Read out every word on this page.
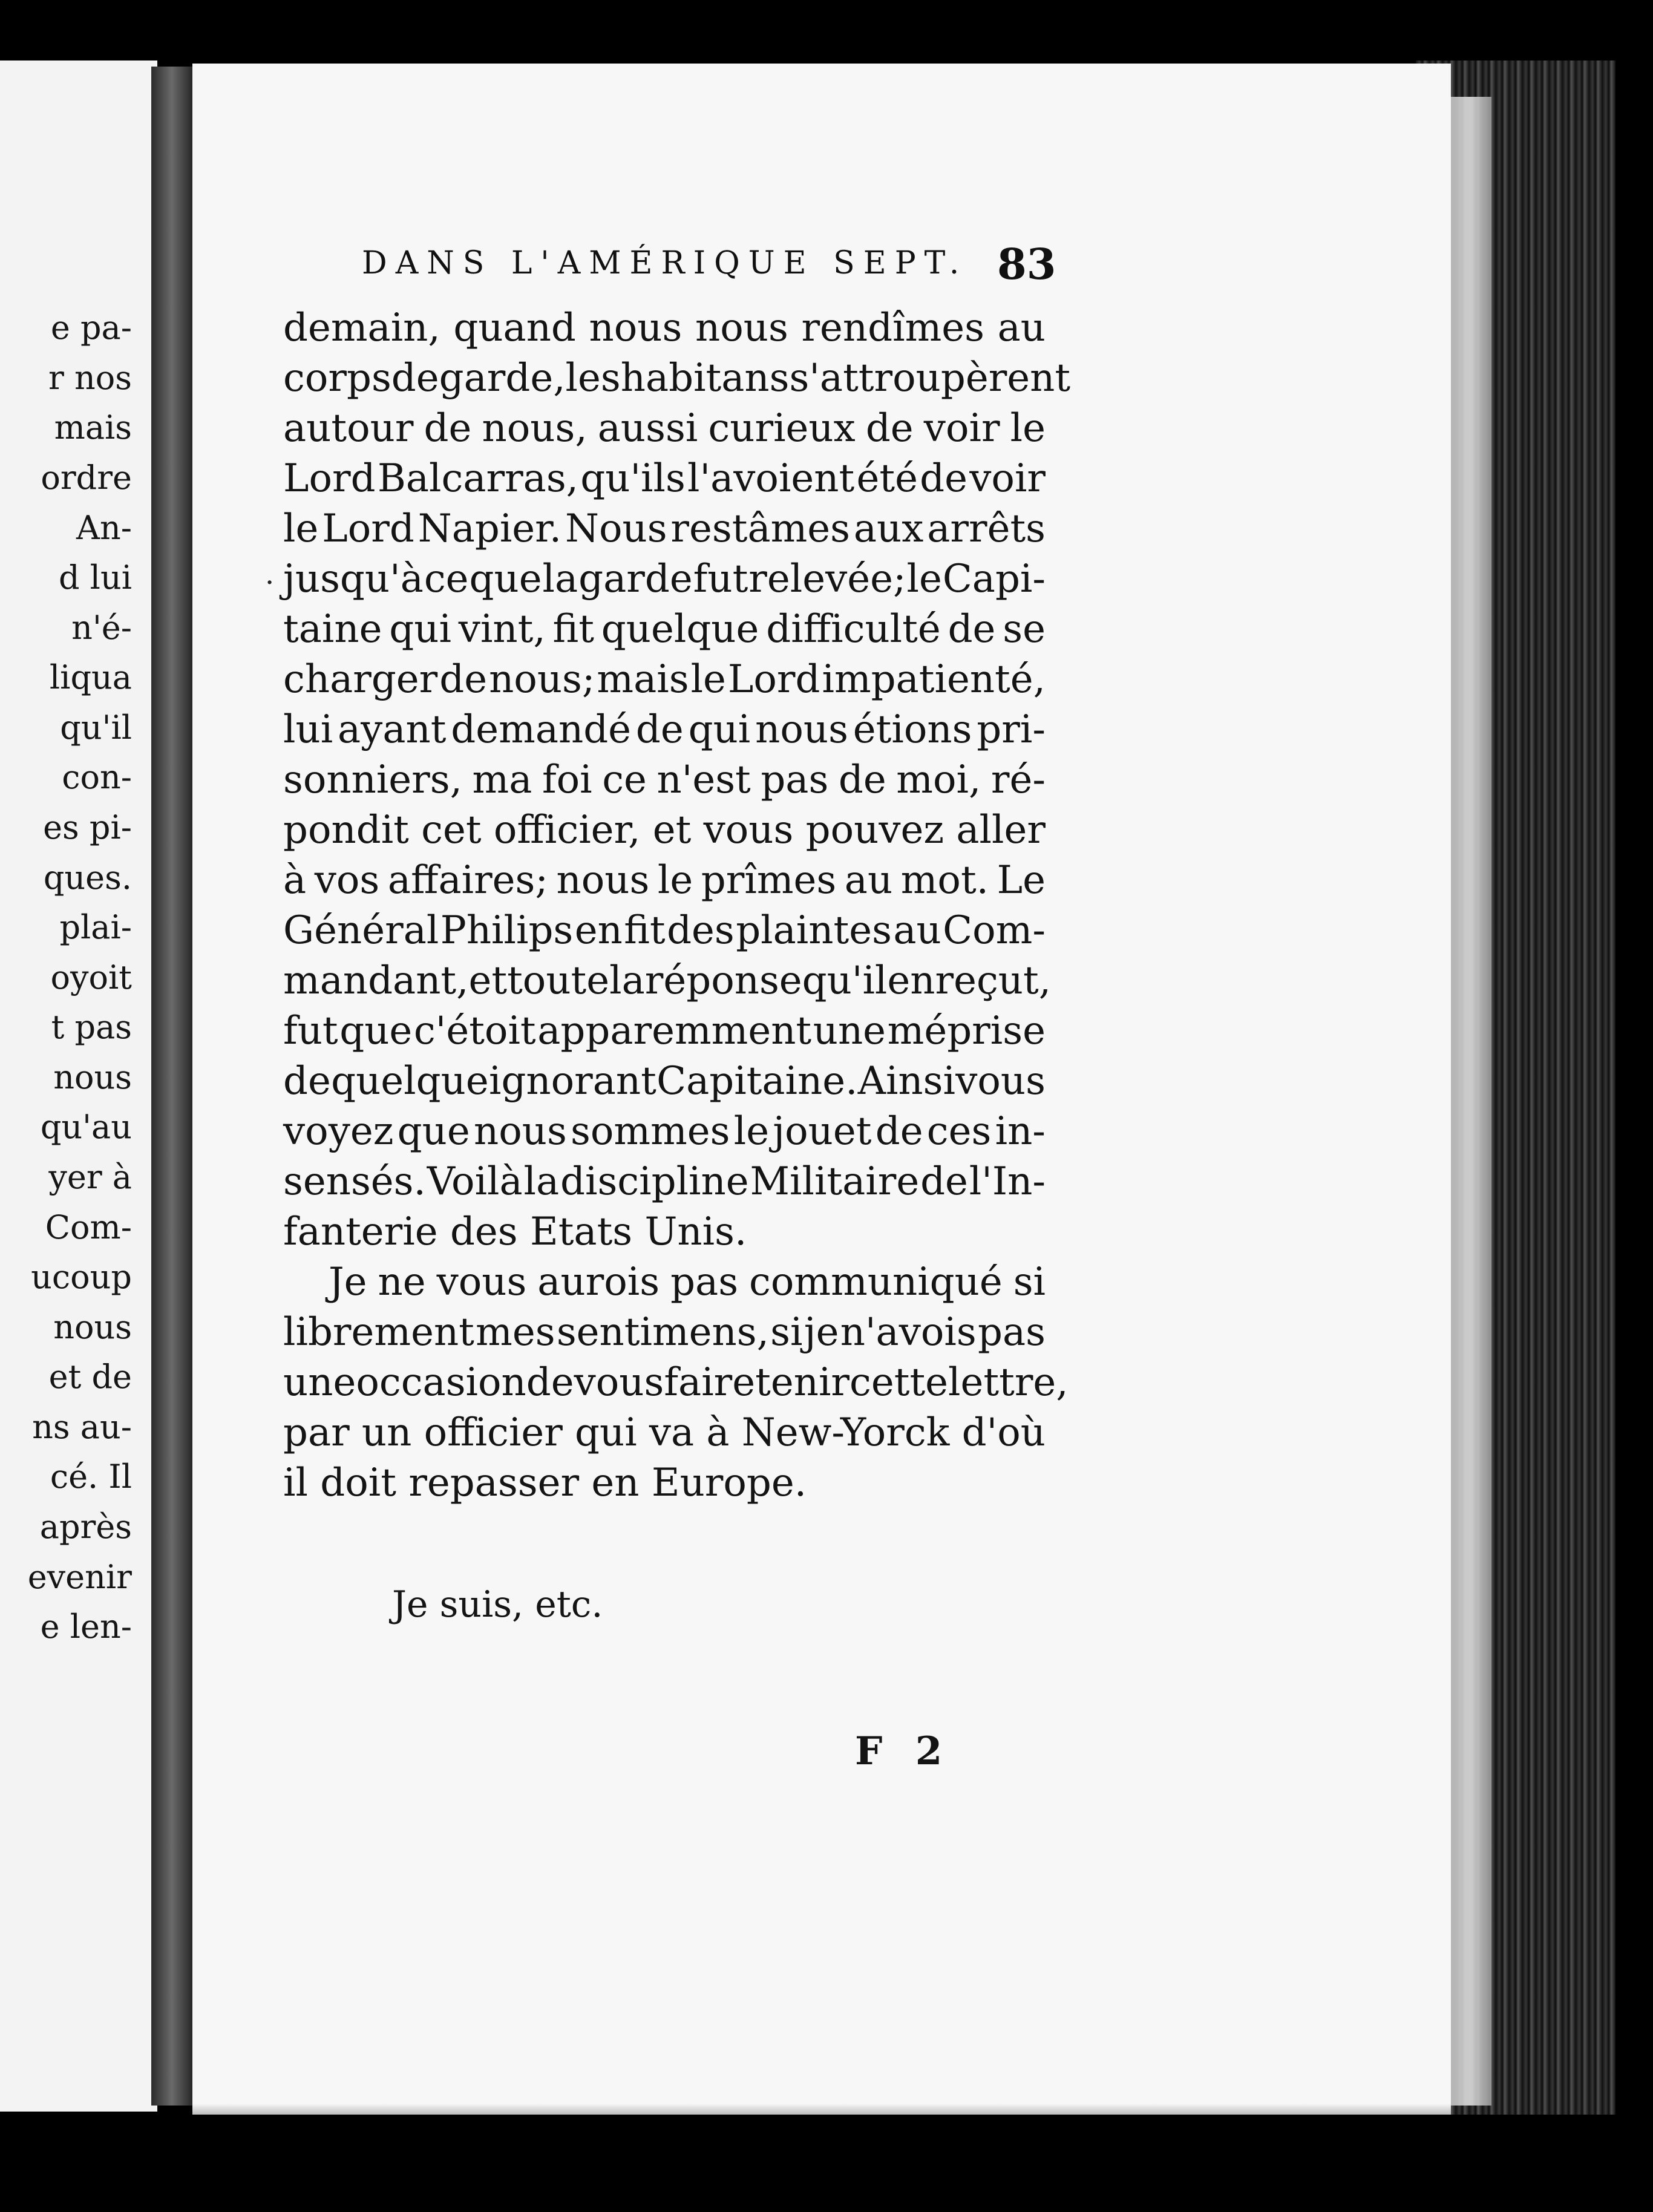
e pa-
r nos
mais
ordre
An-
d lui
n'é-
liqua
qu'il
con-
es pi-
ques.
plai-
oyoit
t pas
nous
qu'au
yer à
Com-
ucoup
nous
et de
ns au-
cé. Il
après
evenir
e len-
DANS L'AMÉRIQUE SEPT. 83
·
demain, quand nous nous rendîmes au
corps de garde, les habitans s'attroupèrent
autour de nous, aussi curieux de voir le
Lord Balcarras, qu'ils l'avoient été de voir
le Lord Napier. Nous restâmes aux arrêts
jusqu'à ce que la garde fut relevée; le Capi-
taine qui vint, fit quelque difficulté de se
charger de nous; mais le Lord impatienté,
lui ayant demandé de qui nous étions pri-
sonniers, ma foi ce n'est pas de moi, ré-
pondit cet officier, et vous pouvez aller
à vos affaires; nous le prîmes au mot. Le
Général Philips en fit des plaintes au Com-
mandant, et toute la réponse qu'il en reçut,
fut que c'étoit apparemment une méprise
de quelque ignorant Capitaine. Ainsi vous
voyez que nous sommes le jouet de ces in-
sensés. Voilà la discipline Militaire de l'In-
fanterie des Etats Unis.
Je ne vous aurois pas communiqué si
librement mes sentimens, si je n'avois pas
une occasion de vous faire tenir cette lettre,
par un officier qui va à New-Yorck d'où
il doit repasser en Europe.
Je suis, etc.
F 2
